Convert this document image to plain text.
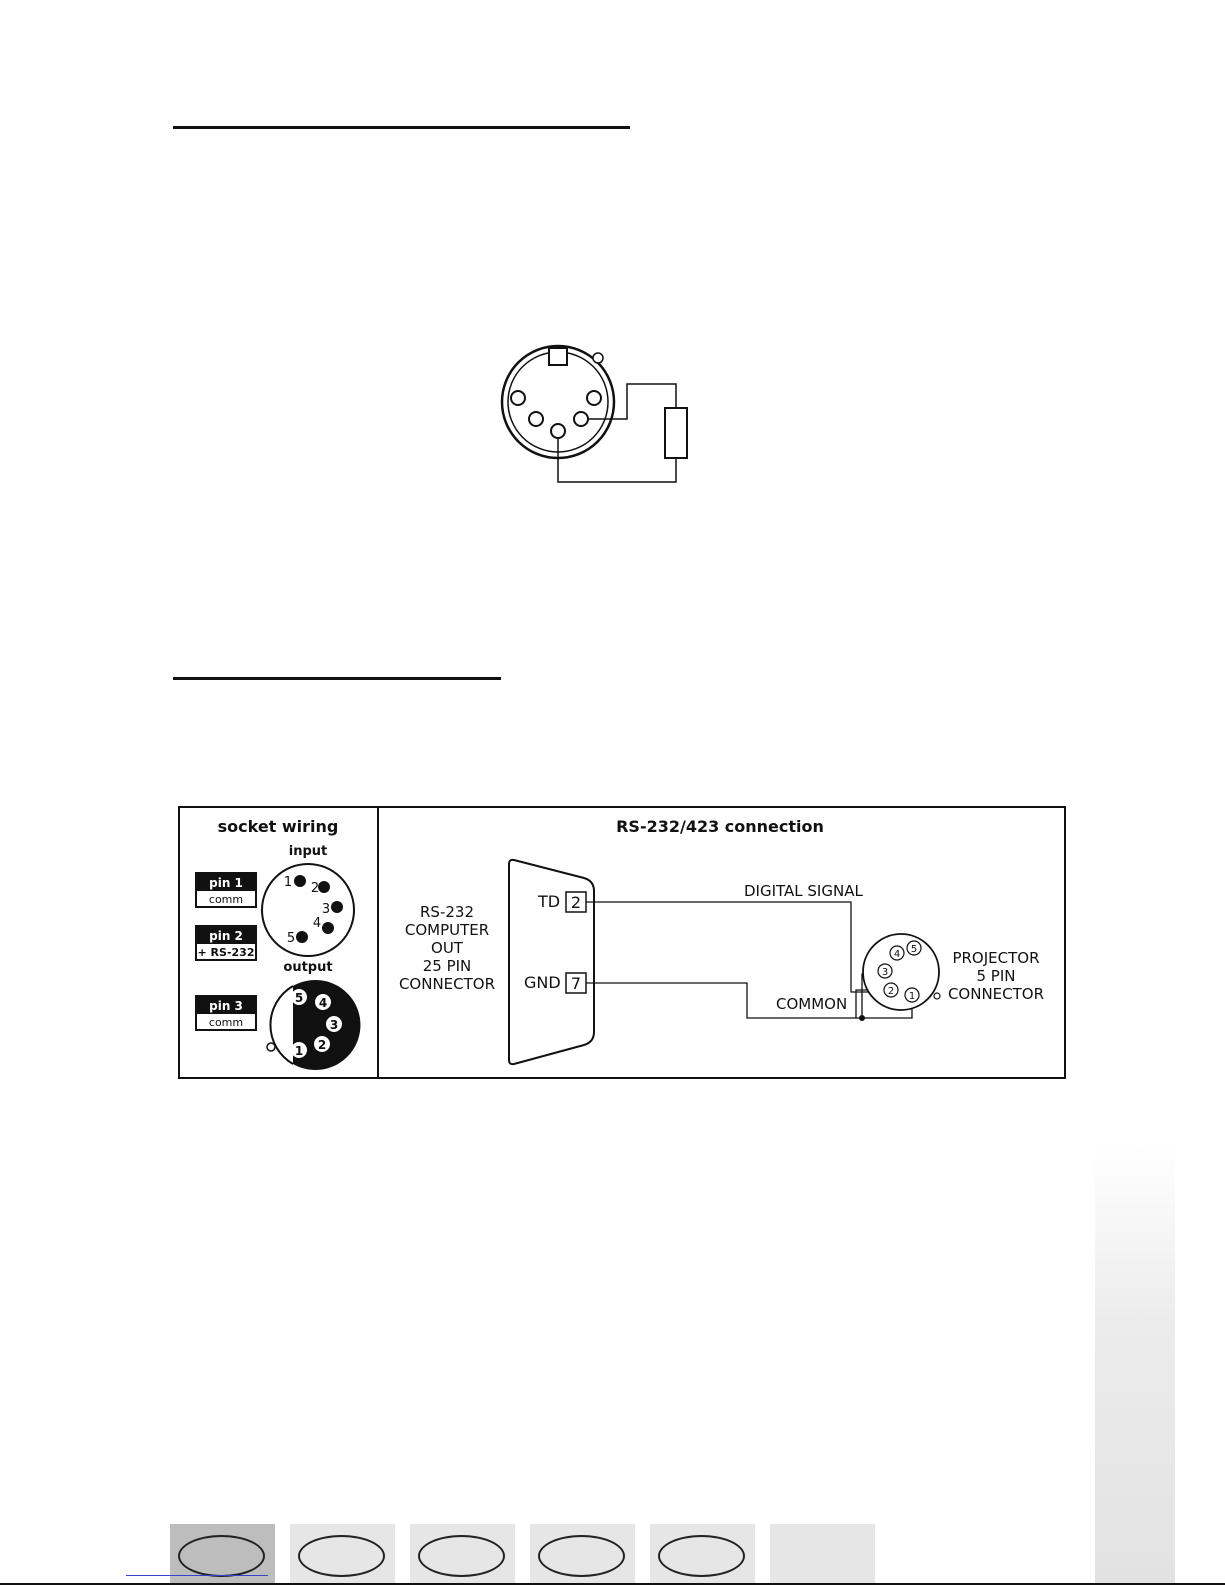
socket wiring
input
pin 1
comm
pin 2
+ RS-232
pin 3
comm
1 2
3
4
5
output
5 4
3
2
1
RS-232/423 connection
RS-232
COMPUTER
OUT
25 PIN
CONNECTOR
TD 2
GND 7
DIGITAL SIGNAL
COMMON
5
4
3
2 1
PROJECTOR
5 PIN
CONNECTOR
